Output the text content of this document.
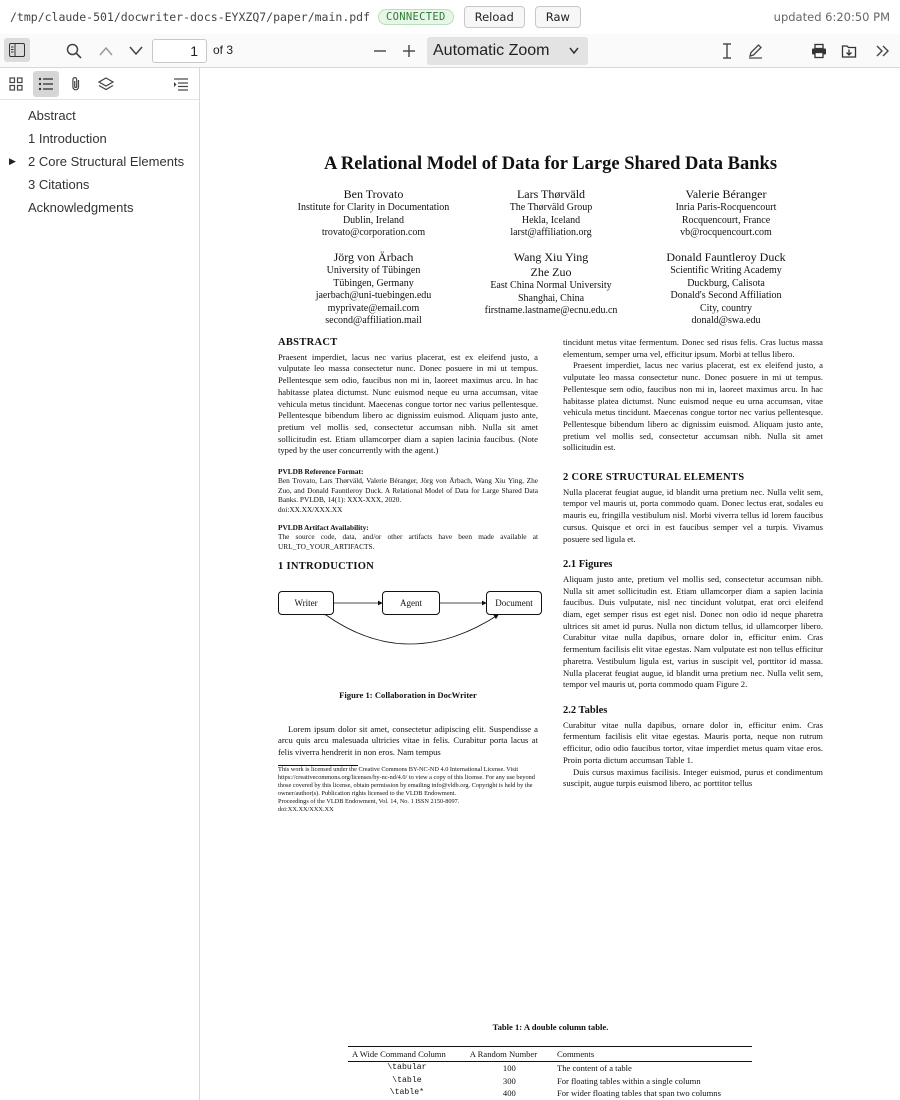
/tmp/claude-501/docwriter-docs-EYXZQ7/paper/main.pdf	CONNECTED	Reload	Raw	updated 6:20:50 PM
1	of 3	Automatic Zoom
Abstract
1 Introduction
▶ 2 Core Structural Elements
3 Citations
Acknowledgments
A Relational Model of Data for Large Shared Data Banks
Ben Trovato
Institute for Clarity in Documentation
Dublin, Ireland
trovato@corporation.com
Lars Thørväld
The Thørväld Group
Hekla, Iceland
larst@affiliation.org
Valerie Béranger
Inria Paris-Rocquencourt
Rocquencourt, France
vb@rocquencourt.com
Jörg von Ärbach
University of Tübingen
Tübingen, Germany
jaerbach@uni-tuebingen.edu
myprivate@email.com
second@affiliation.mail
Wang Xiu Ying
Zhe Zuo
East China Normal University
Shanghai, China
firstname.lastname@ecnu.edu.cn
Donald Fauntleroy Duck
Scientific Writing Academy
Duckburg, Calisota
Donald's Second Affiliation
City, country
donald@swa.edu
ABSTRACT
Praesent imperdiet, lacus nec varius placerat, est ex eleifend justo, a vulputate leo massa consectetur nunc. Donec posuere in mi ut tempus. Pellentesque sem odio, faucibus non mi in, laoreet maximus arcu. In hac habitasse platea dictumst. Nunc euismod neque eu urna accumsan, vitae vehicula metus tincidunt. Maecenas congue tortor nec varius pellentesque. Pellentesque bibendum libero ac dignissim euismod. Aliquam justo ante, pretium vel mollis sed, consectetur accumsan nibh. Nulla sit amet sollicitudin est. Etiam ullamcorper diam a sapien lacinia faucibus. (Note typed by the user concurrently with the agent.)
PVLDB Reference Format:
Ben Trovato, Lars Thørväld, Valerie Béranger, Jörg von Ärbach, Wang Xiu Ying, Zhe Zuo, and Donald Fauntleroy Duck. A Relational Model of Data for Large Shared Data Banks. PVLDB, 14(1): XXX-XXX, 2020.
doi:XX.XX/XXX.XX
PVLDB Artifact Availability:
The source code, data, and/or other artifacts have been made available at URL_TO_YOUR_ARTIFACTS.
1 INTRODUCTION
Writer	Agent	Document
Figure 1: Collaboration in DocWriter
Lorem ipsum dolor sit amet, consectetur adipiscing elit. Suspendisse a arcu quis arcu malesuada ultricies vitae in felis. Curabitur porta lacus at felis viverra hendrerit in non eros. Nam tempus
This work is licensed under the Creative Commons BY-NC-ND 4.0 International License. Visit https://creativecommons.org/licenses/by-nc-nd/4.0/ to view a copy of this license. For any use beyond those covered by this license, obtain permission by emailing info@vldb.org. Copyright is held by the owner/author(s). Publication rights licensed to the VLDB Endowment.
Proceedings of the VLDB Endowment, Vol. 14, No. 1 ISSN 2150-8097.
doi:XX.XX/XXX.XX
tincidunt metus vitae fermentum. Donec sed risus felis. Cras luctus massa elementum, semper urna vel, efficitur ipsum. Morbi at tellus libero.
Praesent imperdiet, lacus nec varius placerat, est ex eleifend justo, a vulputate leo massa consectetur nunc. Donec posuere in mi ut tempus. Pellentesque sem odio, faucibus non mi in, laoreet maximus arcu. In hac habitasse platea dictumst. Nunc euismod neque eu urna accumsan, vitae vehicula metus tincidunt. Maecenas congue tortor nec varius pellentesque. Pellentesque bibendum libero ac dignissim euismod. Aliquam justo ante, pretium vel mollis sed, consectetur accumsan nibh. Nulla sit amet sollicitudin est.
2 CORE STRUCTURAL ELEMENTS
Nulla placerat feugiat augue, id blandit urna pretium nec. Nulla velit sem, tempor vel mauris ut, porta commodo quam. Donec lectus erat, sodales eu mauris eu, fringilla vestibulum nisl. Morbi viverra tellus id lorem faucibus cursus. Quisque et orci in est faucibus semper vel a turpis. Vivamus posuere sed ligula et.
2.1 Figures
Aliquam justo ante, pretium vel mollis sed, consectetur accumsan nibh. Nulla sit amet sollicitudin est. Etiam ullamcorper diam a sapien lacinia faucibus. Duis vulputate, nisl nec tincidunt volutpat, erat orci eleifend diam, eget semper risus est eget nisl. Donec non odio id neque pharetra ultrices sit amet id purus. Nulla non dictum tellus, id ullamcorper libero. Curabitur vitae nulla dapibus, ornare dolor in, efficitur enim. Cras fermentum facilisis elit vitae egestas. Nam vulputate est non tellus efficitur pharetra. Vestibulum ligula est, varius in suscipit vel, porttitor id massa. Nulla placerat feugiat augue, id blandit urna pretium nec. Nulla velit sem, tempor vel mauris ut, porta commodo quam Figure 2.
2.2 Tables
Curabitur vitae nulla dapibus, ornare dolor in, efficitur enim. Cras fermentum facilisis elit vitae egestas. Mauris porta, neque non rutrum efficitur, odio odio faucibus tortor, vitae imperdiet metus quam vitae eros. Proin porta dictum accumsan Table 1.
Duis cursus maximus facilisis. Integer euismod, purus et condimentum suscipit, augue turpis euismod libero, ac porttitor tellus
Table 1: A double column table.
A Wide Command Column	A Random Number	Comments
\tabular	100	The content of a table
\table	300	For floating tables within a single column
\table*	400	For wider floating tables that span two columns
